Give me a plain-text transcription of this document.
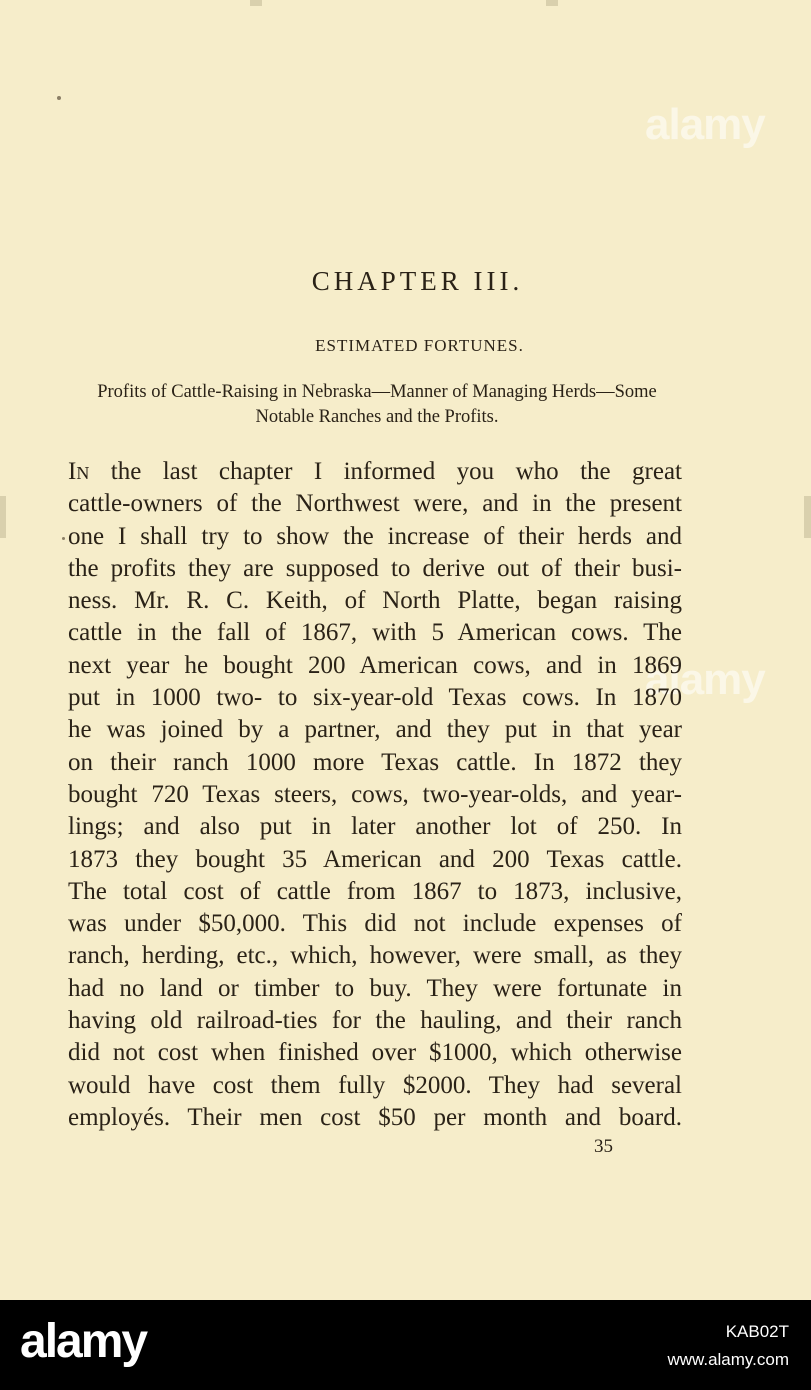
alamy
alamy
CHAPTER III.
ESTIMATED FORTUNES.
Profits of Cattle-Raising in Nebraska—Manner of Managing Herds—Some Notable Ranches and the Profits.
In the last chapter I informed you who the great
cattle-owners of the Northwest were, and in the present
one I shall try to show the increase of their herds and
the profits they are supposed to derive out of their busi-
ness. Mr. R. C. Keith, of North Platte, began raising
cattle in the fall of 1867, with 5 American cows. The
next year he bought 200 American cows, and in 1869
put in 1000 two- to six-year-old Texas cows. In 1870
he was joined by a partner, and they put in that year
on their ranch 1000 more Texas cattle. In 1872 they
bought 720 Texas steers, cows, two-year-olds, and year-
lings; and also put in later another lot of 250. In
1873 they bought 35 American and 200 Texas cattle.
The total cost of cattle from 1867 to 1873, inclusive,
was under $50,000. This did not include expenses of
ranch, herding, etc., which, however, were small, as they
had no land or timber to buy. They were fortunate in
having old railroad-ties for the hauling, and their ranch
did not cost when finished over $1000, which otherwise
would have cost them fully $2000. They had several
employés. Their men cost $50 per month and board.
35
alamy	KAB02T
www.alamy.com
